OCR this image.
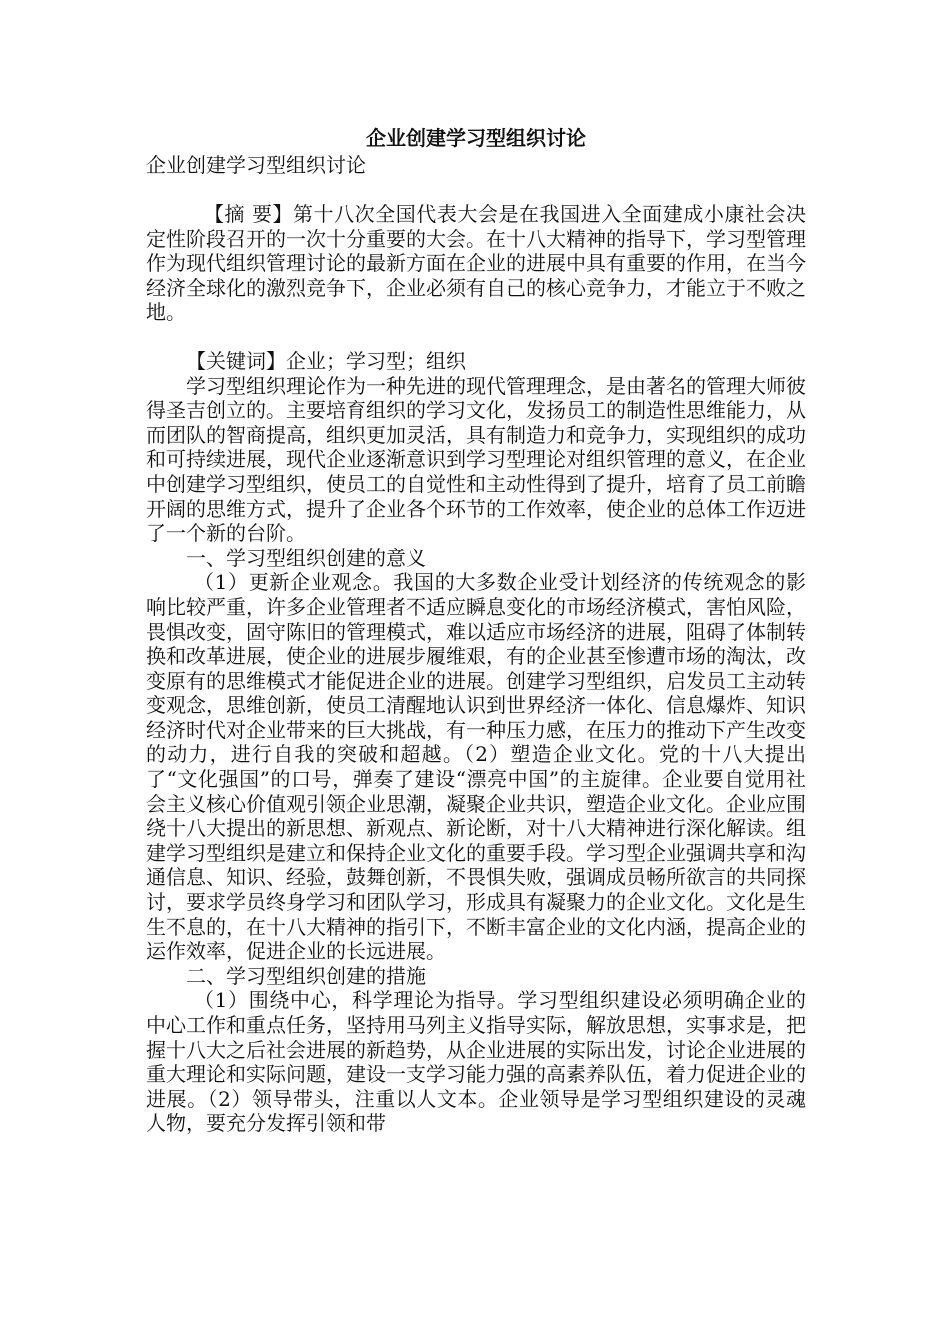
企业创建学习型组织讨论
企业创建学习型组织讨论

【摘 要】第十八次全国代表大会是在我国进入全面建成小康社会决定性阶段召开的一次十分重要的大会。在十八大精神的指导下，学习型管理作为现代组织管理讨论的最新方面在企业的进展中具有重要的作用，在当今经济全球化的激烈竞争下，企业必须有自己的核心竞争力，才能立于不败之地。

【关键词】企业；学习型；组织

学习型组织理论作为一种先进的现代管理理念，是由著名的管理大师彼得圣吉创立的。主要培育组织的学习文化，发扬员工的制造性思维能力，从而团队的智商提高，组织更加灵活，具有制造力和竞争力，实现组织的成功和可持续进展，现代企业逐渐意识到学习型理论对组织管理的意义，在企业中创建学习型组织，使员工的自觉性和主动性得到了提升，培育了员工前瞻开阔的思维方式，提升了企业各个环节的工作效率，使企业的总体工作迈进了一个新的台阶。

一、学习型组织创建的意义

（1）更新企业观念。我国的大多数企业受计划经济的传统观念的影响比较严重，许多企业管理者不适应瞬息变化的市场经济模式，害怕风险，畏惧改变，固守陈旧的管理模式，难以适应市场经济的进展，阻碍了体制转换和改革进展，使企业的进展步履维艰，有的企业甚至惨遭市场的淘汰，改变原有的思维模式才能促进企业的进展。创建学习型组织，启发员工主动转变观念，思维创新，使员工清醒地认识到世界经济一体化、信息爆炸、知识经济时代对企业带来的巨大挑战，有一种压力感，在压力的推动下产生改变的动力，进行自我的突破和超越。（2）塑造企业文化。党的十八大提出了“文化强国”的口号，弹奏了建设“漂亮中国”的主旋律。企业要自觉用社会主义核心价值观引领企业思潮，凝聚企业共识，塑造企业文化。企业应围绕十八大提出的新思想、新观点、新论断，对十八大精神进行深化解读。组建学习型组织是建立和保持企业文化的重要手段。学习型企业强调共享和沟通信息、知识、经验，鼓舞创新，不畏惧失败，强调成员畅所欲言的共同探讨，要求学员终身学习和团队学习，形成具有凝聚力的企业文化。文化是生生不息的，在十八大精神的指引下，不断丰富企业的文化内涵，提高企业的运作效率，促进企业的长远进展。

二、学习型组织创建的措施

（1）围绕中心，科学理论为指导。学习型组织建设必须明确企业的中心工作和重点任务，坚持用马列主义指导实际，解放思想，实事求是，把握十八大之后社会进展的新趋势，从企业进展的实际出发，讨论企业进展的重大理论和实际问题，建设一支学习能力强的高素养队伍，着力促进企业的进展。（2）领导带头，注重以人文本。企业领导是学习型组织建设的灵魂人物，要充分发挥引领和带
